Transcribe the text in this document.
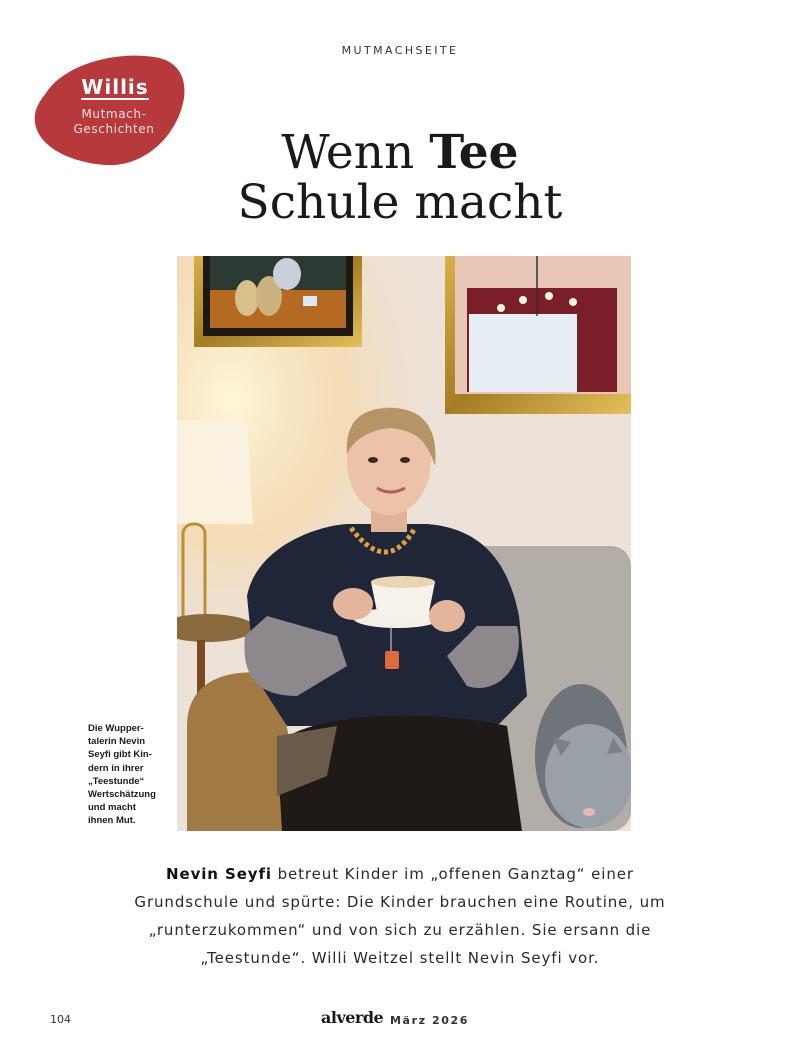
MUTMACHSEITE
Willis
Mutmach-
Geschichten	Wenn Tee
Schule macht
Die Wupper-
talerin Nevin
Seyfi gibt Kin-
dern in ihrer
„Teestunde“
Wertschätzung
und macht
ihnen Mut.

Nevin Seyfi betreut Kinder im „offenen Ganztag“ einer Grundschule und spürte: Die Kinder brauchen eine Routine, um „runterzukommen“ und von sich zu erzählen. Sie ersann die „Teestunde“. Willi Weitzel stellt Nevin Seyfi vor.

104	alverde März 2026
